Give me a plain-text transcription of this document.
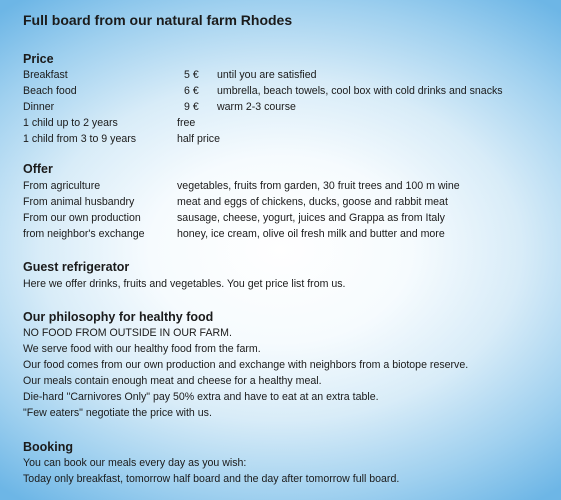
Full board from our natural farm Rhodes
Price
Breakfast	5 € until you are satisfied
Beach food	6 € umbrella, beach towels, cool box with cold drinks and snacks
Dinner	9 € warm 2-3 course
1 child up to 2 years	free
1 child from 3 to 9 years	half price
Offer
From agriculture	vegetables, fruits from garden, 30 fruit trees and 100 m wine
From animal husbandry	meat and eggs of chickens, ducks, goose and rabbit meat
From our own production	sausage, cheese, yogurt, juices and Grappa as from Italy
from neighbor's exchange	honey, ice cream, olive oil fresh milk and butter and more
Guest refrigerator
Here we offer drinks, fruits and vegetables. You get price list from us.
Our philosophy for healthy food
NO FOOD FROM OUTSIDE IN OUR FARM.
We serve food with our healthy food from the farm.
Our food comes from our own production and exchange with neighbors from a biotope reserve.
Our meals contain enough meat and cheese for a healthy meal.
Die-hard "Carnivores Only" pay 50% extra and have to eat at an extra table.
"Few eaters" negotiate the price with us.
Booking
You can book our meals every day as you wish:
Today only breakfast, tomorrow half board and the day after tomorrow full board.
